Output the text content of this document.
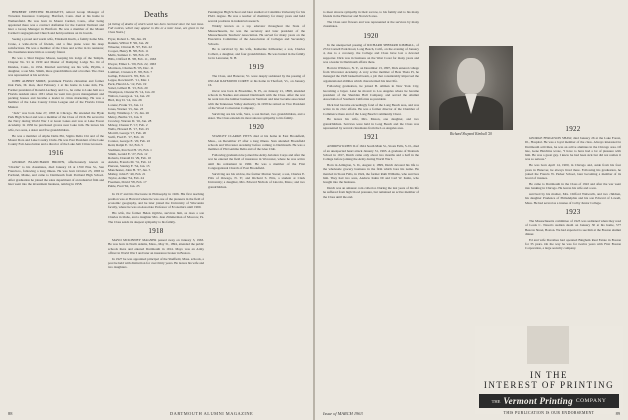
HERBERT CHESTER BLODGETT, retired Group Manager of Travelers Insurance Company, Hartford, Conn. died at his home in Wethersfield. He was born in Mount Carmel, Conn., after being appointed there was a contract draftsman for the Central Vermont and later a Group Manager in Hartford. He was a member of the Mount Carmel Congregational Church and held positions on its boards.

Seeing a proud and warm wife, Elizabeth Kurth, a family home Mrs. Crane, a wide-circle of friends, and a fine piano were his deep satisfactions. He was a member of the Class and active in its reunions; his classmates knew him as a steady friend.

He was a 32nd Degree Mason, keeping his lodge of the Temple, Chapter No. 91 in 1930 and Master of Damping Lodge No. 64 of Dundee, Conn., in 1934. Married surviving are his wife, Phyllis, a daughter, a son Mrs. Smith, three grandchildren and a brother. The class was represented at his services.

JOHN ALBERT MORE, prominent Florida citrusman and former Oak Park, Ill. man, died February 1 at his home in Lake Jem, Fla. Former president of Ronald-Lachney and Co., he came to Lake Jem as a Florida resident since 1931 when he went into grove management and packing houses and became a leader in citrus marketing. He was a member of the Lake County Citrus League and of the Florida Citrus Mutual.

"Jack" was born June 27, 1893 in Chicago. He attended the Hyde Park High School and was a member of the Class of 1916. He served in the Navy during World War I at Great Lakes and was at Lake Forest Academy. In 1936 he purchased groves near Lake Jem. He leaves his wife, two sons, a sister and five grandchildren.

He was a member of Alpha Delta Phi, Sigma Delta Chi and of the Mount Dora and Lake County Clubs. He was Past President of the Lake County Fair Association and a director of the Lake Jem Citrus Growers.

1916

GEORGE BLANCHARD BROWN, affectionately known as "Charlie" to his classmates, died January 16 at 1550 Pine St., San Francisco, following a long illness. He was born October 25, 1893 in Portland, Maine, and came to Dartmouth from Portland High School. After graduation he joined the sales department of an industrial firm and later went into the investment business, retiring in 1958.

Deaths

[A listing of deaths of which word has been received since the last issue. Full notices, which may appear in this or a later issue, are given in the Class Notes.]

Fryer, Robert L. '96, Jan. 29
Rankin, Wilbur F. '96, Jan. 29
Wheeler, Clinton B. '97, Feb. 22
Cooper, Henry B. '98, Feb. 11
Mells, Sumner C. '98, Feb. 25
Hills, Clifford B. '08, Feb. 11, 1963
Dwyer, Elmer L. '09, Feb. 22, 1963
Morrison, Charles B. '03, Dec. 11
Lambert, Clarence E. '08, Feb. 7
Gallup, Edward S. '09, Feb. 11
Leppe, Rowland E. '11, Mar. 1
Peck, Harold A. '12, Feb. 19
Sobel, Gilbert B. '13, Feb. 20
Thompson, Chester B. '14, Jan. 20
Walton, George A. '14, Jan. 20
Bird, Roy D. '14, Jan. 26
Lorenz, Frank '15, Jan. 11
Jones, Warner '15, Jan. 23
Kelly, Winthrop J. '15, Jan. 26
Meloy, Bertha '15, Jan. 9
Crowley, Warren D. '16, Jan. 28
Mckay, Chester F. '17, Feb. 2
Wells, Howard B. '17, Feb. 25
Morrill, George '17, Feb. 20
Swift, Fred E. '17, Feb. 16
Connor, George E. '20, Feb. 22
Reid, Ralph E. '22, Feb. 5
Stedman, Percival H. '25, Feb. 1
Smith, Gerald E. '27, Feb. 12
Roberts, Donald D. '29, Feb. 10
Auletta, Francis M. '31, Feb. 12
Pierson, Stanley F. '34, Jan. 13
Manchester, John H. '37, Jan. 5
Malley, John F. '40, Feb. 21
Taylor, Arthur '54, Feb. 24
Freeman, David '58, Feb. 17
Pahle, Fred '62, Jan. 25

In 1917 and his Doctorate in Philosophy in 1926. His first teaching position was at Harvard where he was one of the pioneers in the field of economic geography, and he later joined the University of Wisconsin faculty, where he was an Associate Professor of Economics until 1960.

His wife, the former Helen Ogilvie, survives him, as does a son Charles in Idaho, and a daughter Mrs. Jean Zimmerman of Moscow, Pa. The Class sends its deepest sympathy to his family.

1918

MAYO MCKINNEY MAGNER passed away on January 3, 1963. He was born in North Adams, Mass., May 31, 1894, attended the public schools there and entered Dartmouth in 1914. Mayo was an Army officer in World War I and later an insurance broker in Boston.

In 1927 he was appointed principal of the Sheffield, Mass. schools, a post he held with distinction for over thirty years. He leaves his wife and two daughters.

Pennington High School and later studied at Columbia University for his Ph.D. degree. He was a teacher of chemistry for many years and held several positions in industrial research.

Widely known as a top educator throughout the State of Massachusetts, he was the secretary and later president of the Massachusetts Teachers' Association. He served for many years on the Executive Committee of the Association of Colleges and Secondary Schools.

He is survived by his wife, Katherine Kilbourne; a son, Charles Colbert, a daughter, and four grandchildren. He was buried in the family lot in Lancaster, N. H.

1919

The Class, and Hanover, Vt. were deeply saddened by the passing of OSCAR RAYMOND COREY at his home in Thetford, Vt., on January 16.

Oscar was born in Brookline, N. H., on January 21, 1898, attended schools in Nashua and entered Dartmouth with the Class. After the war he went into the lumber business in Vermont and later became associated with the Tennessee Valley Authority. In 1958 he retired as Vice President of the Wood Conversion Company.

Surviving are his wife, Vera, a son Robert, two grandchildren, and a sister. The Class extends its most sincere sympathy to his family.

1920

STANLEY CLARKE PITTS died at his home in East Brookfield, Mass., on December 27 after a long illness. Stan attended Brookfield schools and Worcester Academy before coming to Dartmouth. He was a member of Phi Gamma Delta and of the Glee Club.

Following graduation he joined the Army Aviation Corps and after the war he entered the field of insurance in Worcester, where he was active until his retirement in 1960. He was a member of the First Congregational Church of East Brookfield.

Surviving are his widow, the former Marion Sweet; a son, Charles E. Pitts of Oswego, N. Y.; and Richard S. Pitts, a student at Clark University; a daughter, Mrs. Edward Nichols of Lincoln, Mass.; and two grandchildren.

88	DARTMOUTH ALUMNI MAGAZINE

to meet sincere sympathy in their sorrow, to his family and to his many friends in the Hanover and Norwich area.

The Class sent flowers and was represented at the services by many classmates.

1920

In the unexpected passing of RICHARD SHEPARD KIMBALL, of 2724 Cornell Park Road, Long Beach, Calif., on the evening of January 4, due to a coronary, the College and Class have lost a devoted supporter. Dick was in business on the West Coast for many years and was a leader in Dartmouth affairs there.

Born in Wilsboro, N. Y., on December 13, 1897, Dick entered college from Worcester Academy. A very active member of Beta Theta Pi, he managed the 1920 basketball team, a job that considerably improved the organizational abilities which characterized his later life.

Following graduation, he joined B. Altman in New York City, becoming a buyer. Later he moved to Los Angeles where he became president of the Sheridan Hall Company, and served the Alumni Association of Southern California as president.

Dick had become exceedingly fond of the Long Beach area, and was active in its civic affairs. He was a former director of the Chamber of Commerce there and of the Long Beach Community Chest.

He leaves his wife, Mrs. Mason, one daughter, and two grandchildren. Services were held in Long Beach and the Class was represented by several classmates from the Los Angeles area.

1921

ANDREW KUHN II of 1624 South Main St., Sioux Falls, S. D., died of an unexpected heart attack January 31, 1963. A graduate of Shattuck School in 1917, Dutch came only about two months and a half in the College before joining the Army during World War I.

Born in Arlington, S. D., August 2, 1899, Dutch devoted his life to the wholesale grocery business in the firm which bore his name. He married in Sioux Falls, in 1924, the former Ruth Williams, who survives him. They had two sons, Andrew Kuhn III and Carl W. Kuhn, who bought into the business.

Dutch was an amateur coin collector. During the last years of his life he suffered from high blood pressure, but remained an active member of the Class until the end.

Richard Shepard Kimball '20
1922

GEORGE FERGUSON SHAW, died January 26 at the Lake Forest, Ill., Hospital. He was a loyal member of the class. Always interested in Dartmouth activities, he was an active alumnus in the Chicago area. Of late, Gene Hutchins wrote, "I have to have had a lot of pleasure with him. He was a great guy. I knew he had been sick but did not realize it was so serious."

He was born April 14, 1900, in Chicago and, aside from his four years in Hanover, he always lived there. Following his graduation, he joined the Francis W. Parker School, later becoming a member of its board of trustees.

He came to Dartmouth in the Class of 1922 and after the war went into banking in Chicago. He leaves his wife and a son.

survived by his mother, Mrs. Clifford Walworth, and two children, his daughter Prudence of Philadelphia and his son Edward of Lowell, Mass. He had served as a trustee of Colby Junior College.

1923

The Massachusetts committee of 1923 was saddened when they read of Louis C. Nason's sudden death on January 30 at his home, 577 Beacon Street, Boston. We had expected to see him at the Boston alumni dinner.

Ed and wife Dorothea had operated Bingham Real Estate in Boston for 35 years. On the way he was for twelve years with First Boston Corporation, a large security company.

IN THE
INTEREST OF PRINTING
THE Vermont Printing COMPANY
THIS PUBLICATION IS OUR ENDORSEMENT
Issue of MARCH 1963	89
